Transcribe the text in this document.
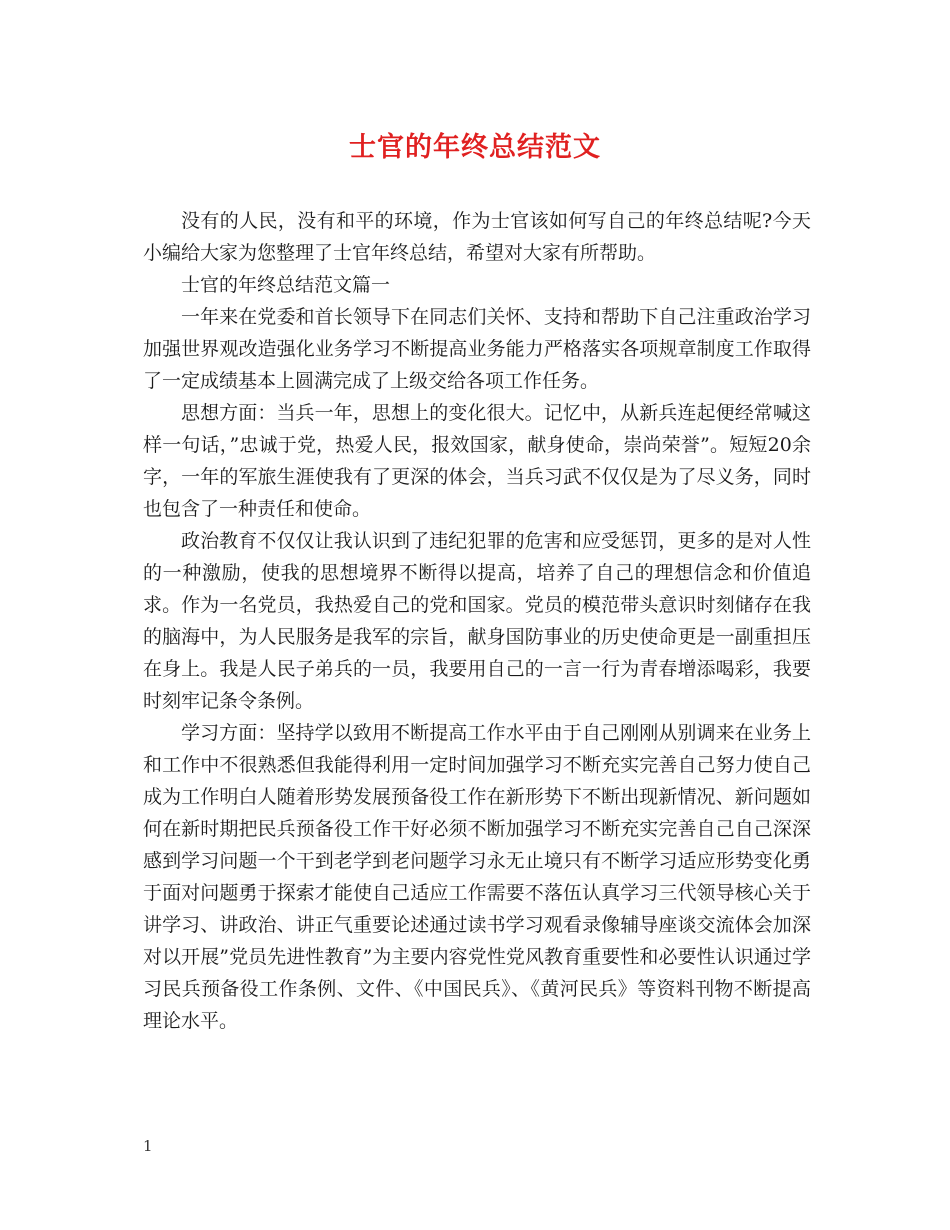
士官的年终总结范文

没有的人民，没有和平的环境，作为士官该如何写自己的年终总结呢?今天小编给大家为您整理了士官年终总结，希望对大家有所帮助。

士官的年终总结范文篇一

一年来在党委和首长领导下在同志们关怀、支持和帮助下自己注重政治学习加强世界观改造强化业务学习不断提高业务能力严格落实各项规章制度工作取得了一定成绩基本上圆满完成了上级交给各项工作任务。

思想方面：当兵一年，思想上的变化很大。记忆中，从新兵连起便经常喊这样一句话，”忠诚于党，热爱人民，报效国家，献身使命，崇尚荣誉”。短短20余字，一年的军旅生涯使我有了更深的体会，当兵习武不仅仅是为了尽义务，同时也包含了一种责任和使命。

政治教育不仅仅让我认识到了违纪犯罪的危害和应受惩罚，更多的是对人性的一种激励，使我的思想境界不断得以提高，培养了自己的理想信念和价值追求。作为一名党员，我热爱自己的党和国家。党员的模范带头意识时刻储存在我的脑海中，为人民服务是我军的宗旨，献身国防事业的历史使命更是一副重担压在身上。我是人民子弟兵的一员，我要用自己的一言一行为青春增添喝彩，我要时刻牢记条令条例。

学习方面：坚持学以致用不断提高工作水平由于自己刚刚从别调来在业务上和工作中不很熟悉但我能得利用一定时间加强学习不断充实完善自己努力使自己成为工作明白人随着形势发展预备役工作在新形势下不断出现新情况、新问题如何在新时期把民兵预备役工作干好必须不断加强学习不断充实完善自己自己深深感到学习问题一个干到老学到老问题学习永无止境只有不断学习适应形势变化勇于面对问题勇于探索才能使自己适应工作需要不落伍认真学习三代领导核心关于讲学习、讲政治、讲正气重要论述通过读书学习观看录像辅导座谈交流体会加深对以开展”党员先进性教育”为主要内容党性党风教育重要性和必要性认识通过学习民兵预备役工作条例、文件、《中国民兵》、《黄河民兵》等资料刊物不断提高理论水平。

1
